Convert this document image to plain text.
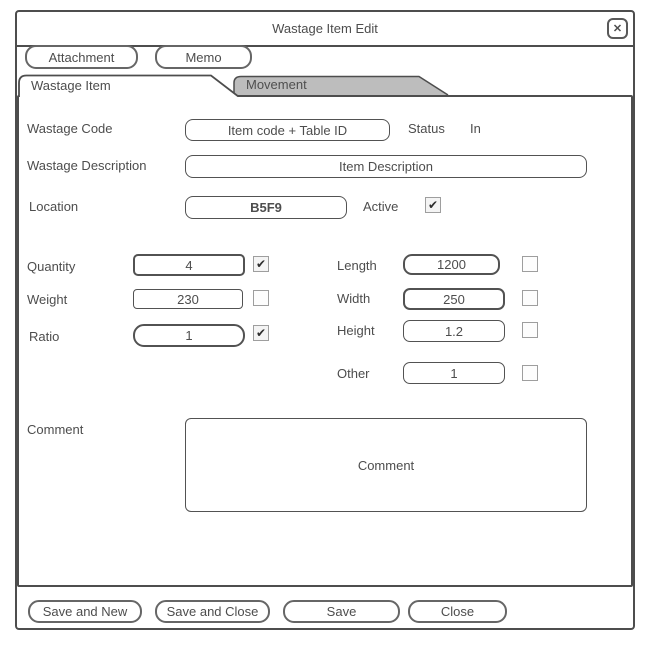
Wastage Item Edit	✕
Attachment	Memo
Movement
Wastage Item
Wastage Code	Item code + Table ID	Status In
Wastage Description	Item Description
Location	B5F9	Active ✔
Quantity	4	✔
Weight	230
Ratio	1	✔
Length	1200
Width	250
Height	1.2
Other	1
Comment
Comment
Save and New	Save and Close	Save	Close
